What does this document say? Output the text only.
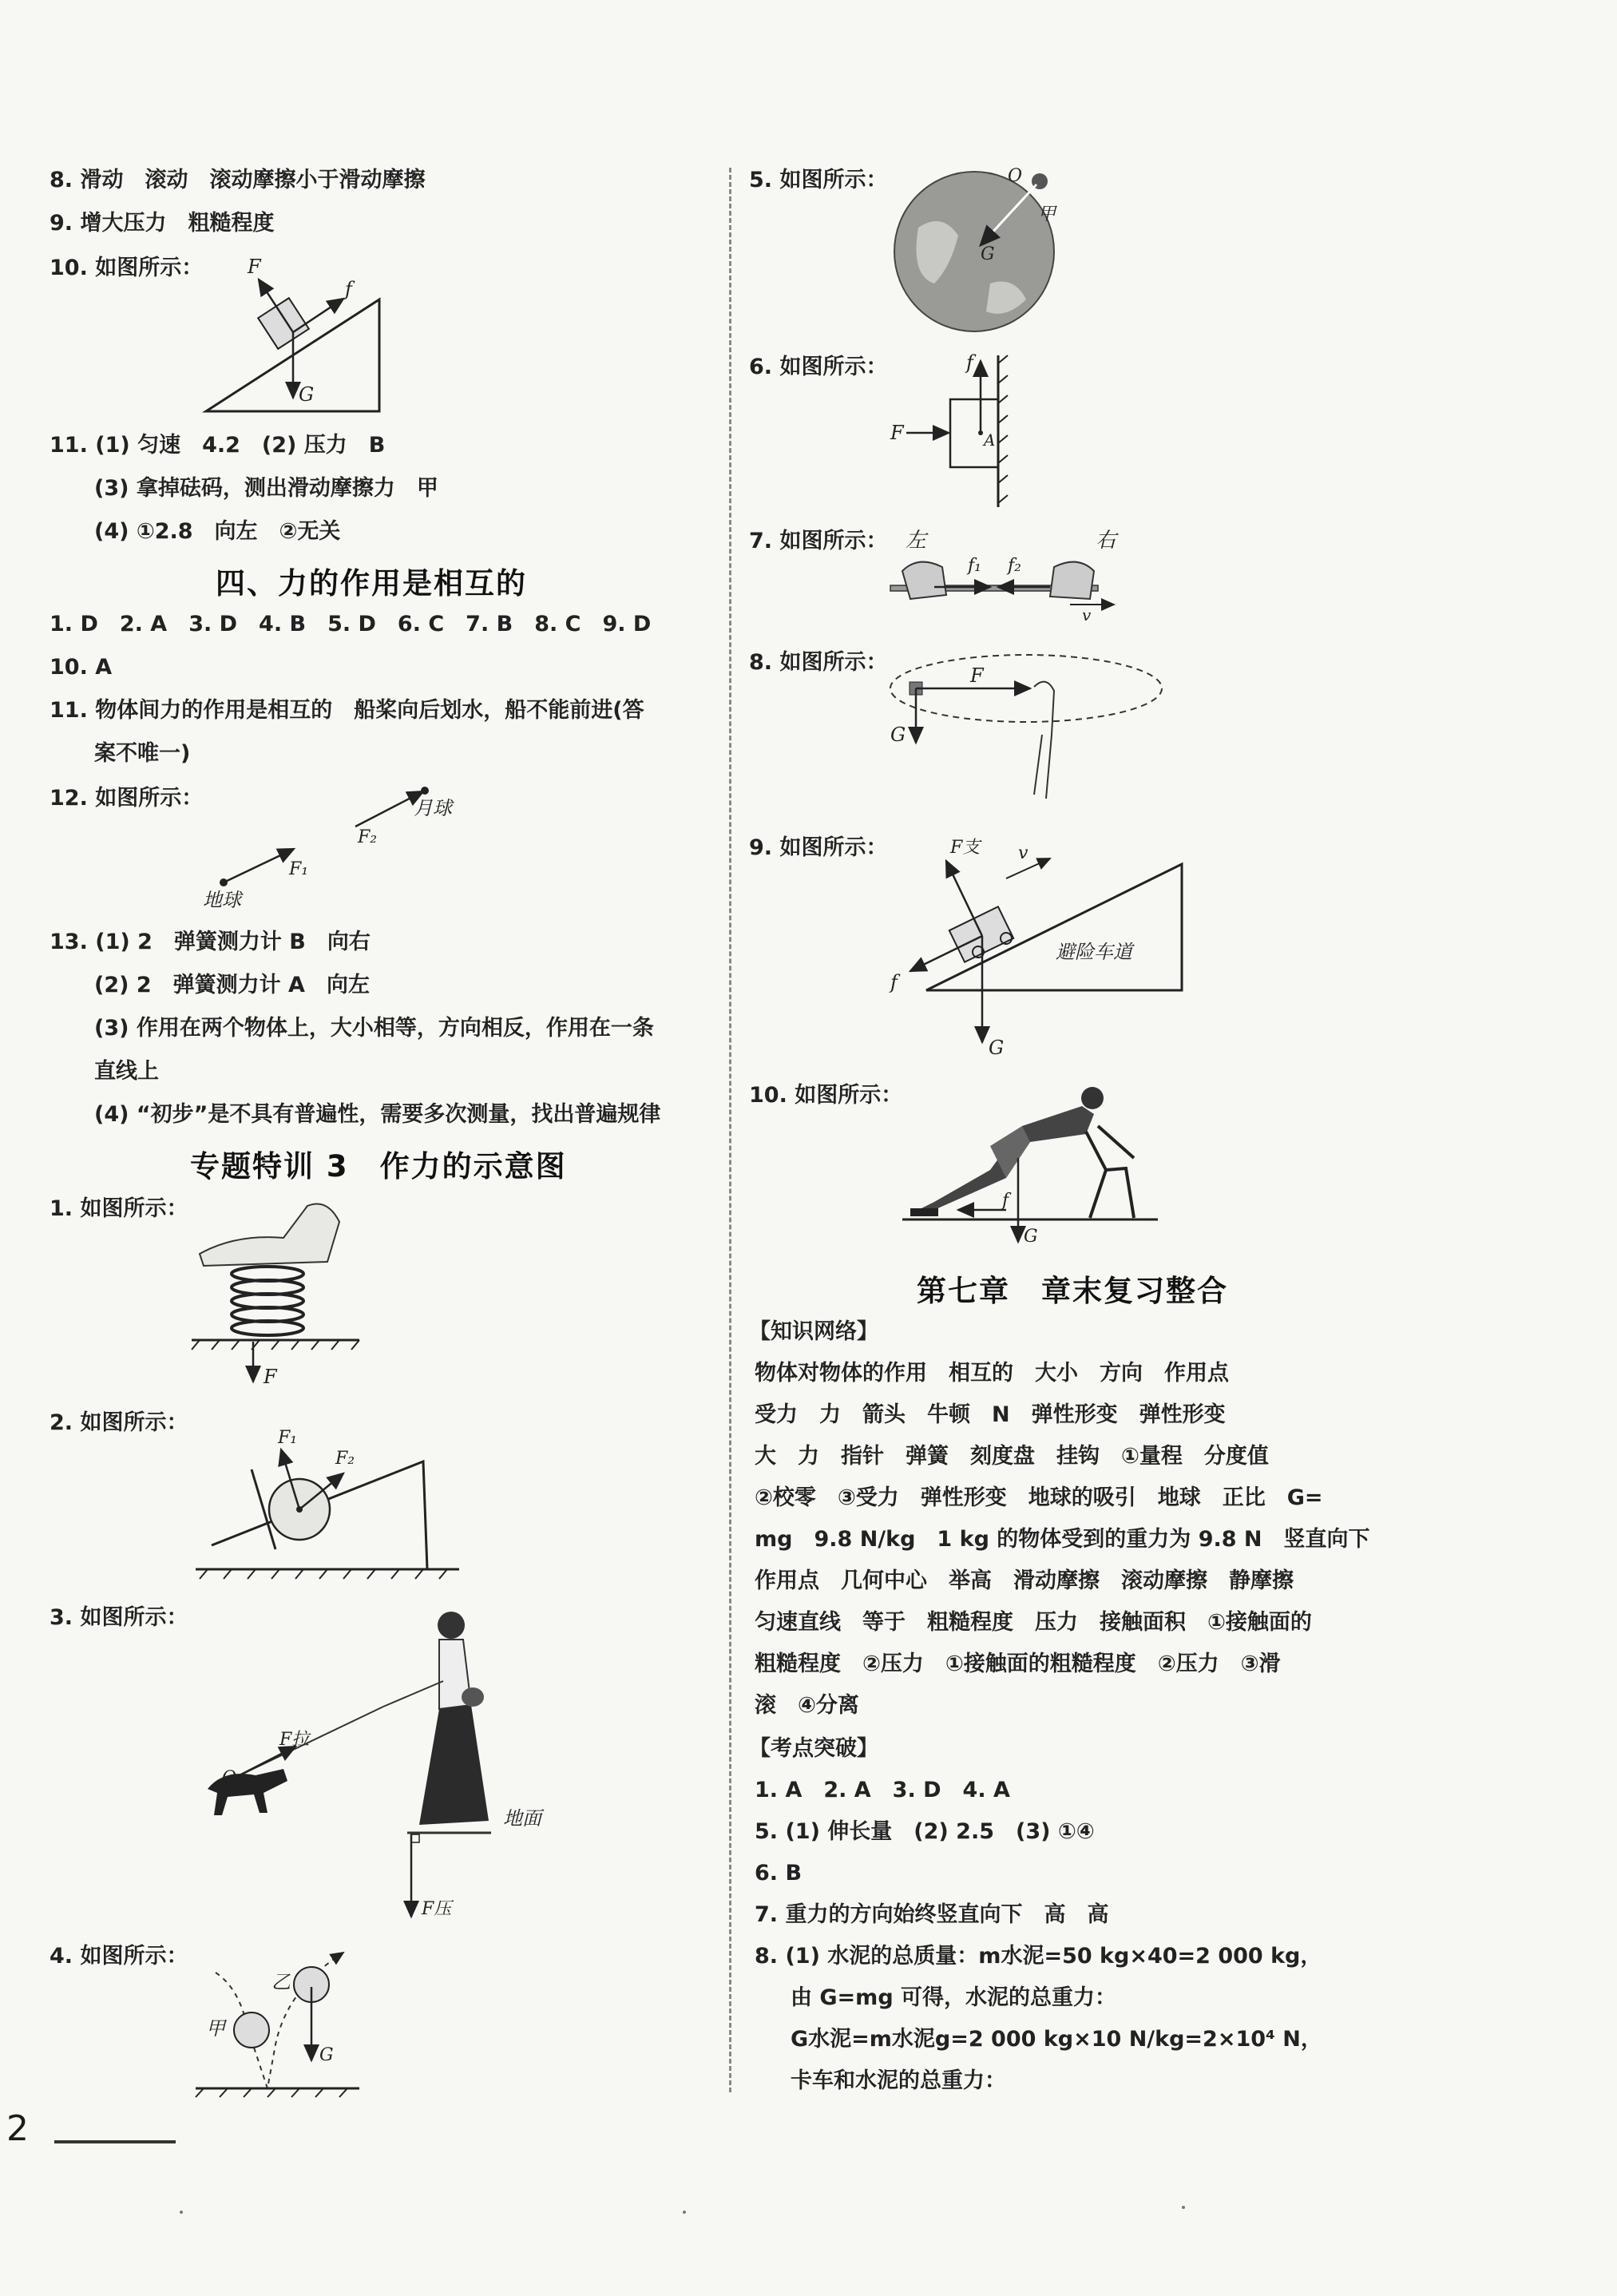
8. 滑动　滚动　滚动摩擦小于滑动摩擦
9. 增大压力　粗糙程度
10. 如图所示： F
f
G
11. (1) 匀速　4.2　(2) 压力　B
(3) 拿掉砝码，测出滑动摩擦力　甲
(4) ①2.8　向左　②无关
四、力的作用是相互的
1. D　2. A　3. D　4. B　5. D　6. C　7. B　8. C　9. D
10. A
11. 物体间力的作用是相互的　船桨向后划水，船不能前进(答
案不唯一)
12. 如图所示：	月球
F₂
F₁
地球
13. (1) 2　弹簧测力计 B　向右
(2) 2　弹簧测力计 A　向左
(3) 作用在两个物体上，大小相等，方向相反，作用在一条
直线上
(4) “初步”是不具有普遍性，需要多次测量，找出普遍规律
专题特训 3　作力的示意图
1. 如图所示：
F
2. 如图所示：
F₁
F₂
3. 如图所示：
O
F拉
地面
F压
4. 如图所示：
甲
乙
G
5. 如图所示：	O
甲
G
6. 如图所示：	f
F	A
7. 如图所示： 左	右
f₁ f₂
v
8. 如图所示：
F
G
9. 如图所示：	F支 v
f
G
避险车道
10. 如图所示：
f
G
第七章　章末复习整合
【知识网络】
物体对物体的作用　相互的　大小　方向　作用点
受力　力　箭头　牛顿　N　弹性形变　弹性形变
大　力　指针　弹簧　刻度盘　挂钩　①量程　分度值
②校零　③受力　弹性形变　地球的吸引　地球　正比　G=
mg　9.8 N/kg　1 kg 的物体受到的重力为 9.8 N　竖直向下
作用点　几何中心　举高　滑动摩擦　滚动摩擦　静摩擦
匀速直线　等于　粗糙程度　压力　接触面积　①接触面的
粗糙程度　②压力　①接触面的粗糙程度　②压力　③滑
滚　④分离
【考点突破】
1. A　2. A　3. D　4. A
5. (1) 伸长量　(2) 2.5　(3) ①④
6. B
7. 重力的方向始终竖直向下　高　高
8. (1) 水泥的总质量：m水泥=50 kg×40=2 000 kg，
由 G=mg 可得，水泥的总重力：
G水泥=m水泥g=2 000 kg×10 N/kg=2×10⁴ N，
卡车和水泥的总重力：
2
